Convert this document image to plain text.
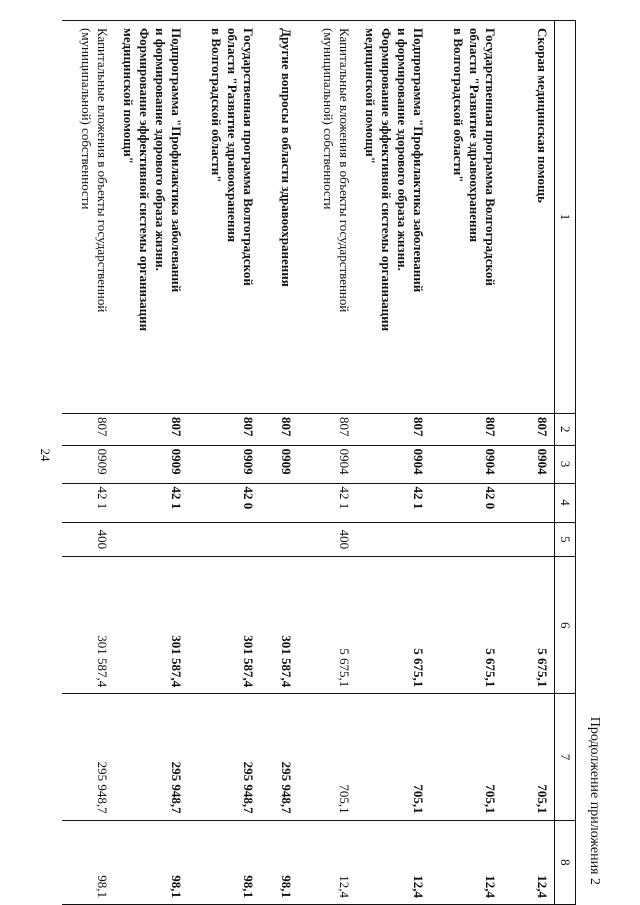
24
Продолжение приложения 2
1	2	3	4	5	6	7	8
Скорая медицинская помощь	807	0904			5 675,1	705,1	12,4
Государственная программа Волгоградской
области "Развитие здравоохранения
в Волгоградской области"	807	0904	42 0		5 675,1	705,1	12,4
Подпрограмма "Профилактика заболеваний
и формирование здорового образа жизни.
Формирование эффективной системы организации
медицинской помощи"	807	0904	42 1		5 675,1	705,1	12,4
Капитальные вложения в объекты государственной
(муниципальной) собственности	807	0904	42 1	400	5 675,1	705,1	12,4
Другие вопросы в области здравоохранения	807	0909			301 587,4	295 948,7	98,1
Государственная программа Волгоградской
области "Развитие здравоохранения
в Волгоградской области"	807	0909	42 0		301 587,4	295 948,7	98,1
Подпрограмма "Профилактика заболеваний
и формирование здорового образа жизни.
Формирование эффективной системы организации
медицинской помощи"	807	0909	42 1		301 587,4	295 948,7	98,1
Капитальные вложения в объекты государственной
(муниципальной) собственности	807	0909	42 1	400	301 587,4	295 948,7	98,1
